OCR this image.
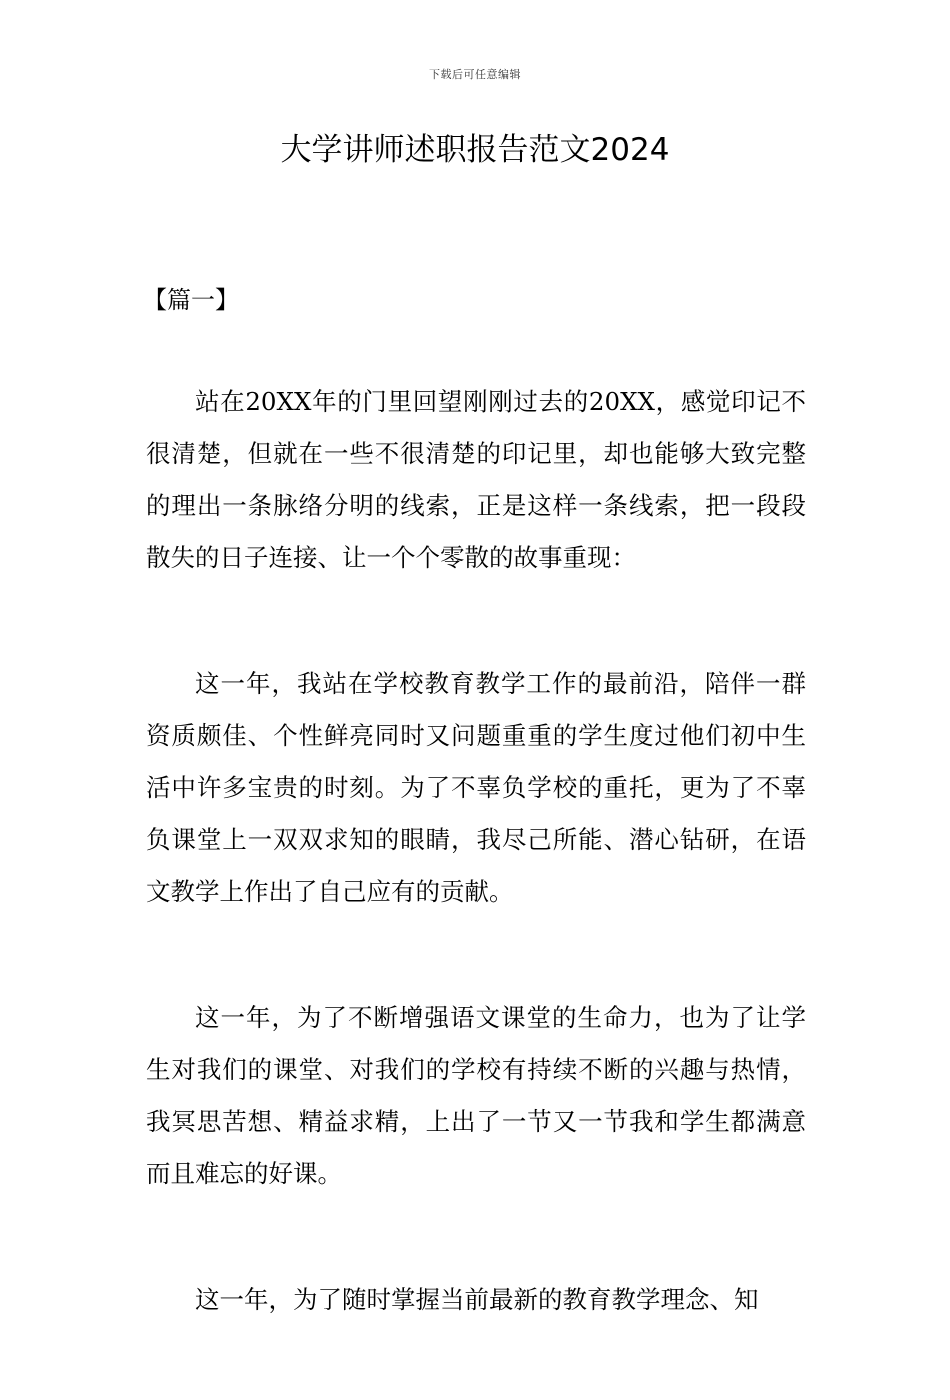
下载后可任意编辑
大学讲师述职报告范文2024
【篇一】

站在20XX年的门里回望刚刚过去的20XX，感觉印记不很清楚，但就在一些不很清楚的印记里，却也能够大致完整的理出一条脉络分明的线索，正是这样一条线索，把一段段散失的日子连接、让一个个零散的故事重现：

这一年，我站在学校教育教学工作的最前沿，陪伴一群资质颇佳、个性鲜亮同时又问题重重的学生度过他们初中生活中许多宝贵的时刻。为了不辜负学校的重托，更为了不辜负课堂上一双双求知的眼睛，我尽己所能、潜心钻研，在语文教学上作出了自己应有的贡献。

这一年，为了不断增强语文课堂的生命力，也为了让学生对我们的课堂、对我们的学校有持续不断的兴趣与热情，我冥思苦想、精益求精，上出了一节又一节我和学生都满意而且难忘的好课。

这一年，为了随时掌握当前最新的教育教学理念、知
